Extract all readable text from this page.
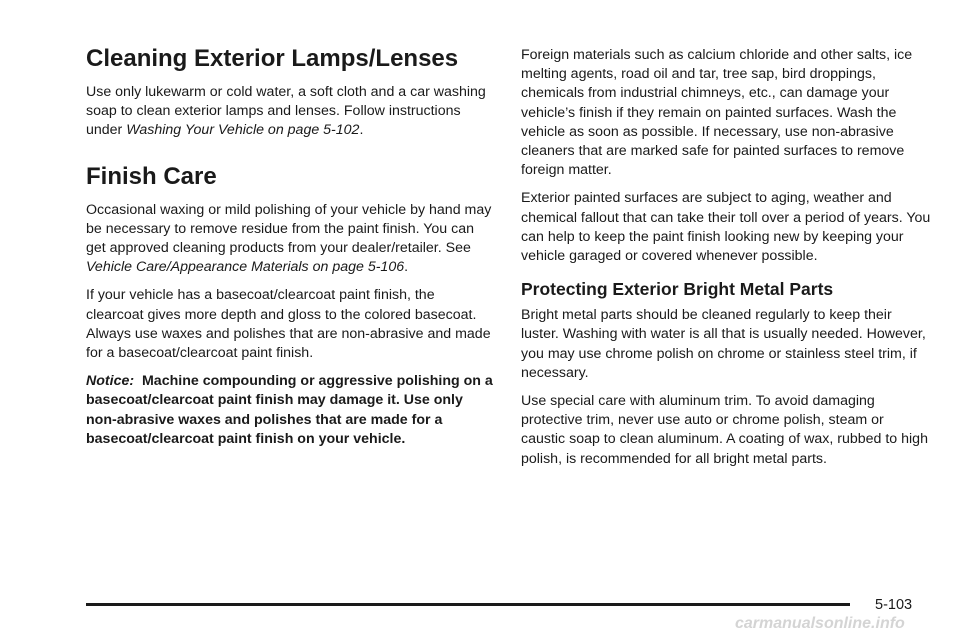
Cleaning Exterior Lamps/Lenses

Use only lukewarm or cold water, a soft cloth and a car washing soap to clean exterior lamps and lenses. Follow instructions under Washing Your Vehicle on page 5-102.

Finish Care

Occasional waxing or mild polishing of your vehicle by hand may be necessary to remove residue from the paint finish. You can get approved cleaning products from your dealer/retailer. See Vehicle Care/Appearance Materials on page 5-106.

If your vehicle has a basecoat/clearcoat paint finish, the clearcoat gives more depth and gloss to the colored basecoat. Always use waxes and polishes that are non-abrasive and made for a basecoat/clearcoat paint finish.

Notice: Machine compounding or aggressive polishing on a basecoat/clearcoat paint finish may damage it. Use only non-abrasive waxes and polishes that are made for a basecoat/clearcoat paint finish on your vehicle.

Foreign materials such as calcium chloride and other salts, ice melting agents, road oil and tar, tree sap, bird droppings, chemicals from industrial chimneys, etc., can damage your vehicle’s finish if they remain on painted surfaces. Wash the vehicle as soon as possible. If necessary, use non-abrasive cleaners that are marked safe for painted surfaces to remove foreign matter.

Exterior painted surfaces are subject to aging, weather and chemical fallout that can take their toll over a period of years. You can help to keep the paint finish looking new by keeping your vehicle garaged or covered whenever possible.

Protecting Exterior Bright Metal Parts

Bright metal parts should be cleaned regularly to keep their luster. Washing with water is all that is usually needed. However, you may use chrome polish on chrome or stainless steel trim, if necessary.

Use special care with aluminum trim. To avoid damaging protective trim, never use auto or chrome polish, steam or caustic soap to clean aluminum. A coating of wax, rubbed to high polish, is recommended for all bright metal parts.

5-103
carmanualsonline.info
